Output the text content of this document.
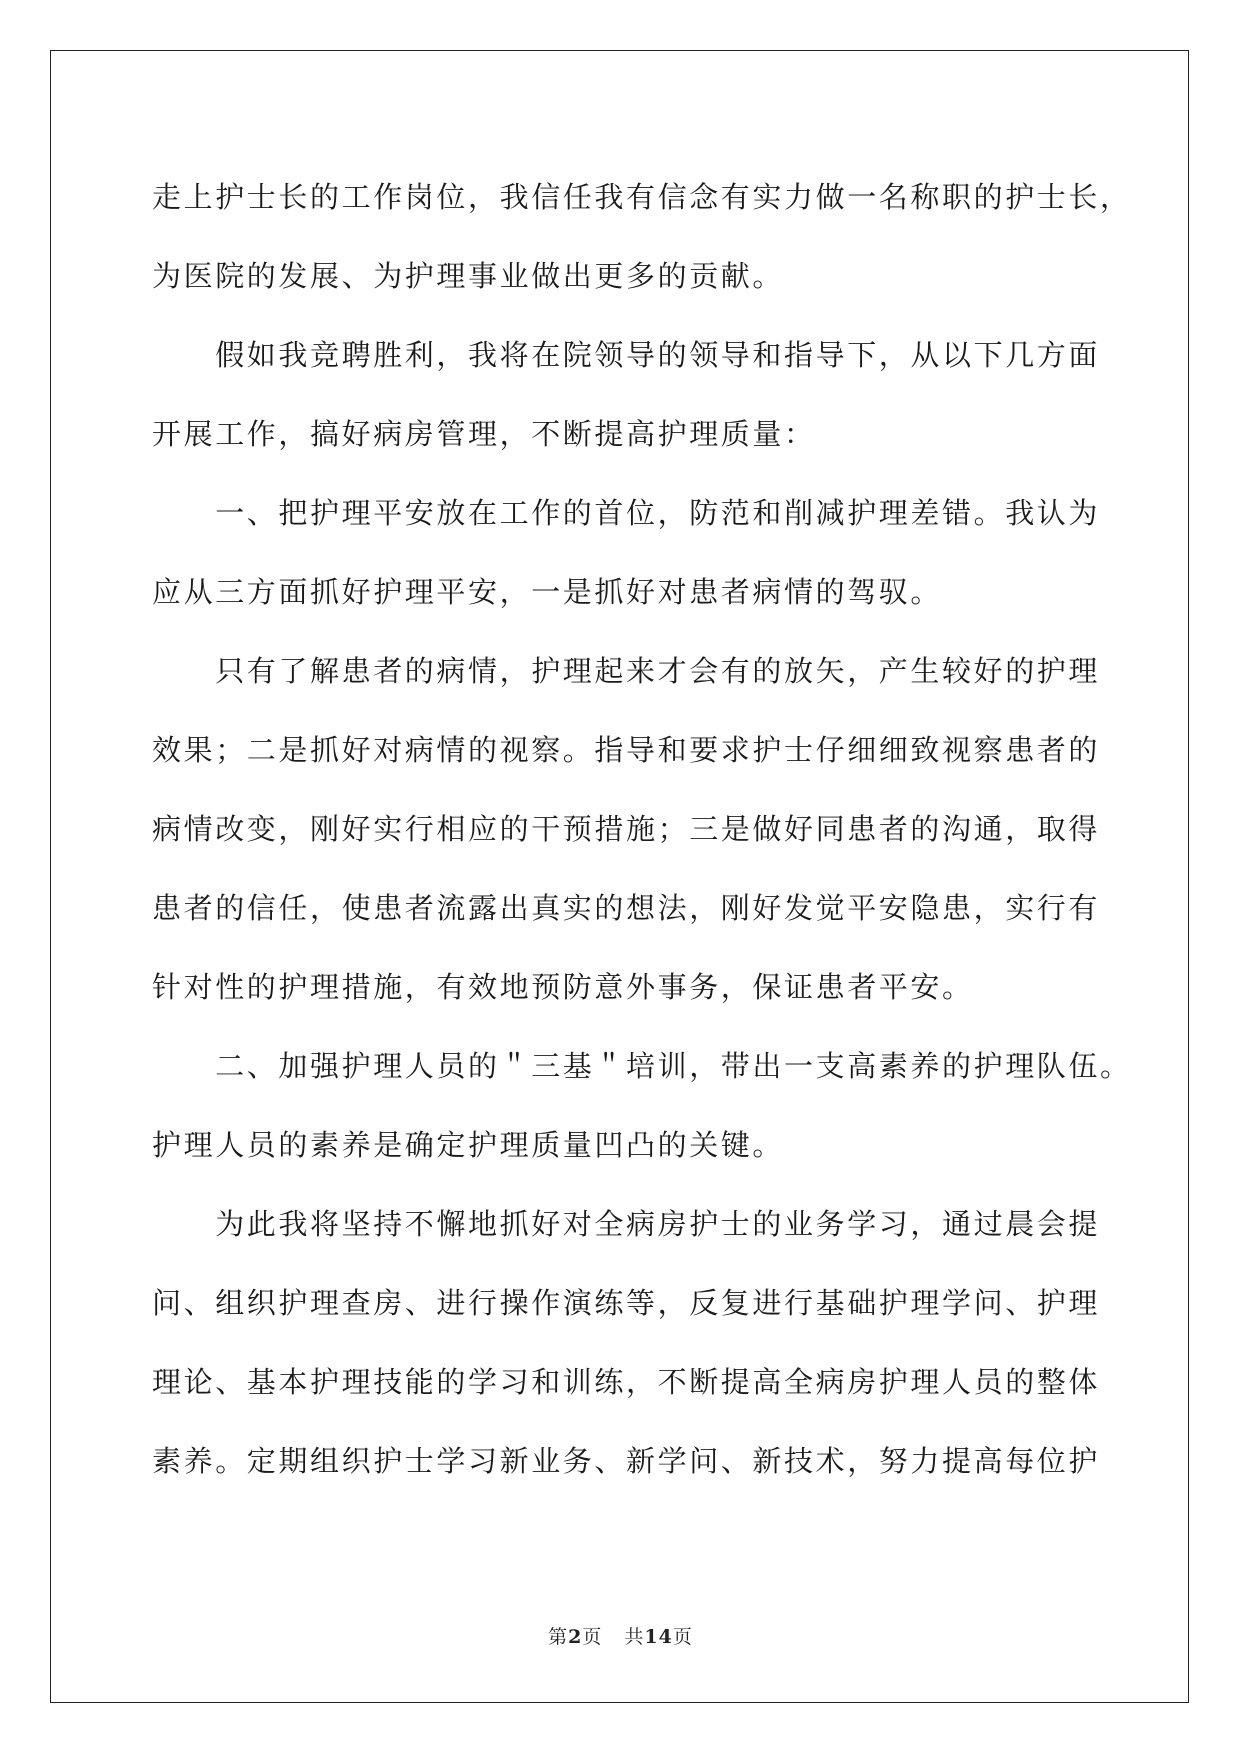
走上护士长的工作岗位，我信任我有信念有实力做一名称职的护士长，
为医院的发展、为护理事业做出更多的贡献。
　　假如我竞聘胜利，我将在院领导的领导和指导下，从以下几方面
开展工作，搞好病房管理，不断提高护理质量：
　　一、把护理平安放在工作的首位，防范和削减护理差错。我认为
应从三方面抓好护理平安，一是抓好对患者病情的驾驭。
　　只有了解患者的病情，护理起来才会有的放矢，产生较好的护理
效果；二是抓好对病情的视察。指导和要求护士仔细细致视察患者的
病情改变，刚好实行相应的干预措施；三是做好同患者的沟通，取得
患者的信任，使患者流露出真实的想法，刚好发觉平安隐患，实行有
针对性的护理措施，有效地预防意外事务，保证患者平安。
　　二、加强护理人员的＂三基＂培训，带出一支高素养的护理队伍。
护理人员的素养是确定护理质量凹凸的关键。
　　为此我将坚持不懈地抓好对全病房护士的业务学习，通过晨会提
问、组织护理查房、进行操作演练等，反复进行基础护理学问、护理
理论、基本护理技能的学习和训练，不断提高全病房护理人员的整体
素养。定期组织护士学习新业务、新学问、新技术，努力提高每位护
第2页 共14页
